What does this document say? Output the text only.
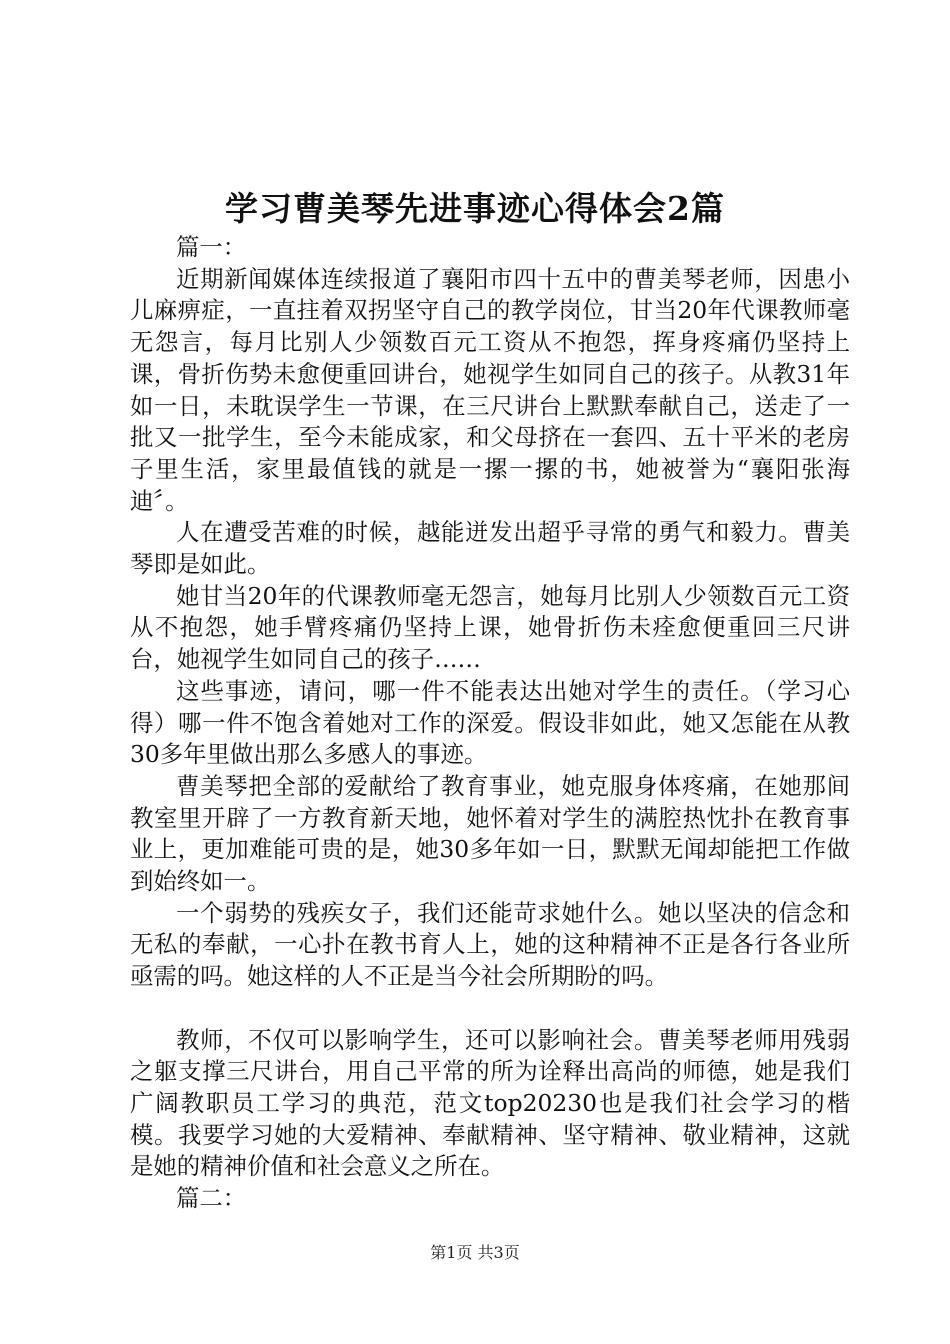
学习曹美琴先进事迹心得体会2篇

篇一：

近期新闻媒体连续报道了襄阳市四十五中的曹美琴老师，因患小儿麻痹症，一直拄着双拐坚守自己的教学岗位，甘当20年代课教师毫无怨言，每月比别人少领数百元工资从不抱怨，挥身疼痛仍坚持上课，骨折伤势未愈便重回讲台，她视学生如同自己的孩子。从教31年如一日，未耽误学生一节课，在三尺讲台上默默奉献自己，送走了一批又一批学生，至今未能成家，和父母挤在一套四、五十平米的老房子里生活，家里最值钱的就是一摞一摞的书，她被誉为“襄阳张海迪〞。

人在遭受苦难的时候，越能迸发出超乎寻常的勇气和毅力。曹美琴即是如此。

她甘当20年的代课教师毫无怨言，她每月比别人少领数百元工资从不抱怨，她手臂疼痛仍坚持上课，她骨折伤未痊愈便重回三尺讲台，她视学生如同自己的孩子……

这些事迹，请问，哪一件不能表达出她对学生的责任。（学习心得）哪一件不饱含着她对工作的深爱。假设非如此，她又怎能在从教30多年里做出那么多感人的事迹。

曹美琴把全部的爱献给了教育事业，她克服身体疼痛，在她那间教室里开辟了一方教育新天地，她怀着对学生的满腔热忱扑在教育事业上，更加难能可贵的是，她30多年如一日，默默无闻却能把工作做到始终如一。

一个弱势的残疾女子，我们还能苛求她什么。她以坚决的信念和无私的奉献，一心扑在教书育人上，她的这种精神不正是各行各业所亟需的吗。她这样的人不正是当今社会所期盼的吗。

教师，不仅可以影响学生，还可以影响社会。曹美琴老师用残弱之躯支撑三尺讲台，用自己平常的所为诠释出高尚的师德，她是我们广阔教职员工学习的典范，范文top20230也是我们社会学习的楷模。我要学习她的大爱精神、奉献精神、坚守精神、敬业精神，这就是她的精神价值和社会意义之所在。

篇二：

第1页 共3页
